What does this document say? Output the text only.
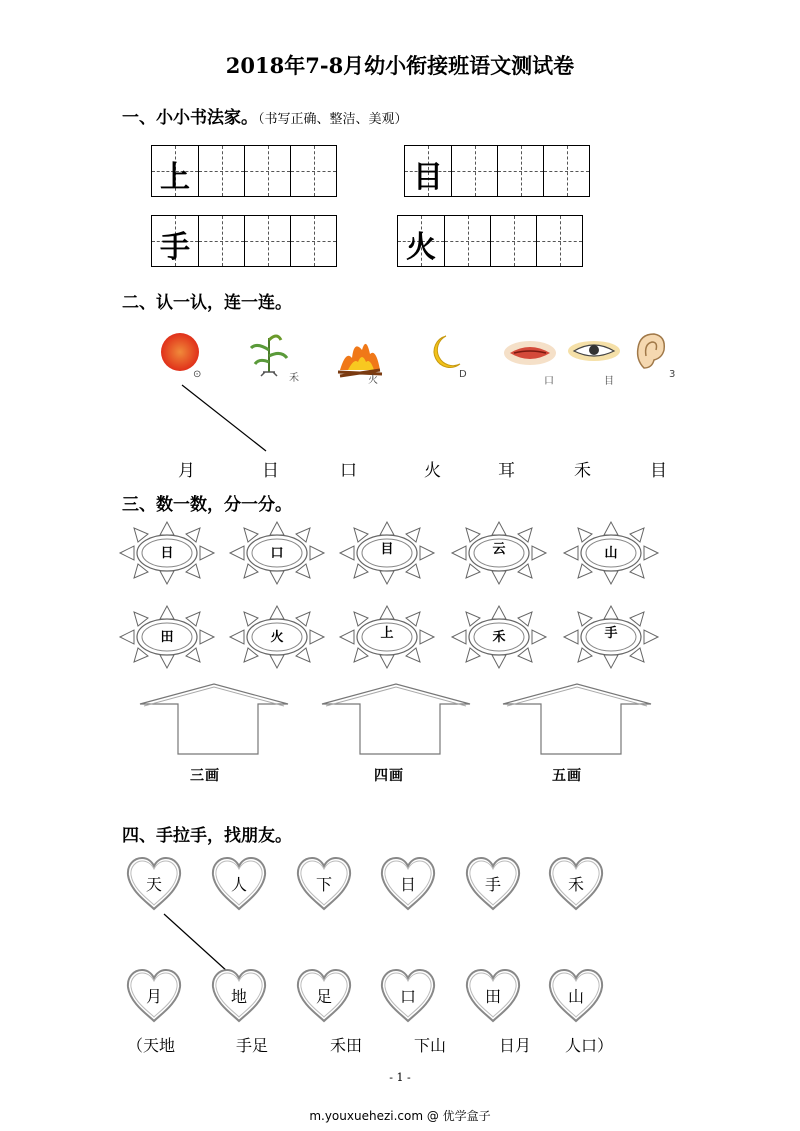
2018年7-8月幼小衔接班语文测试卷
一、小小书法家。（书写正确、整洁、美观）
上	目
手	火
二、认一认，连一连。
⊙	禾	火
D
口	目
3
月	日	口	火	耳	禾	目
三、数一数，分一分。
日	口	目	云	山
田	火	上	禾	手
三画	四画	五画
四、手拉手，找朋友。
天	人	下	日	手	禾
月	地	足	口	田	山
（天地	手足	禾田	下山	日月 人口）
- 1 -
m.youxuehezi.com @ 优学盒子
